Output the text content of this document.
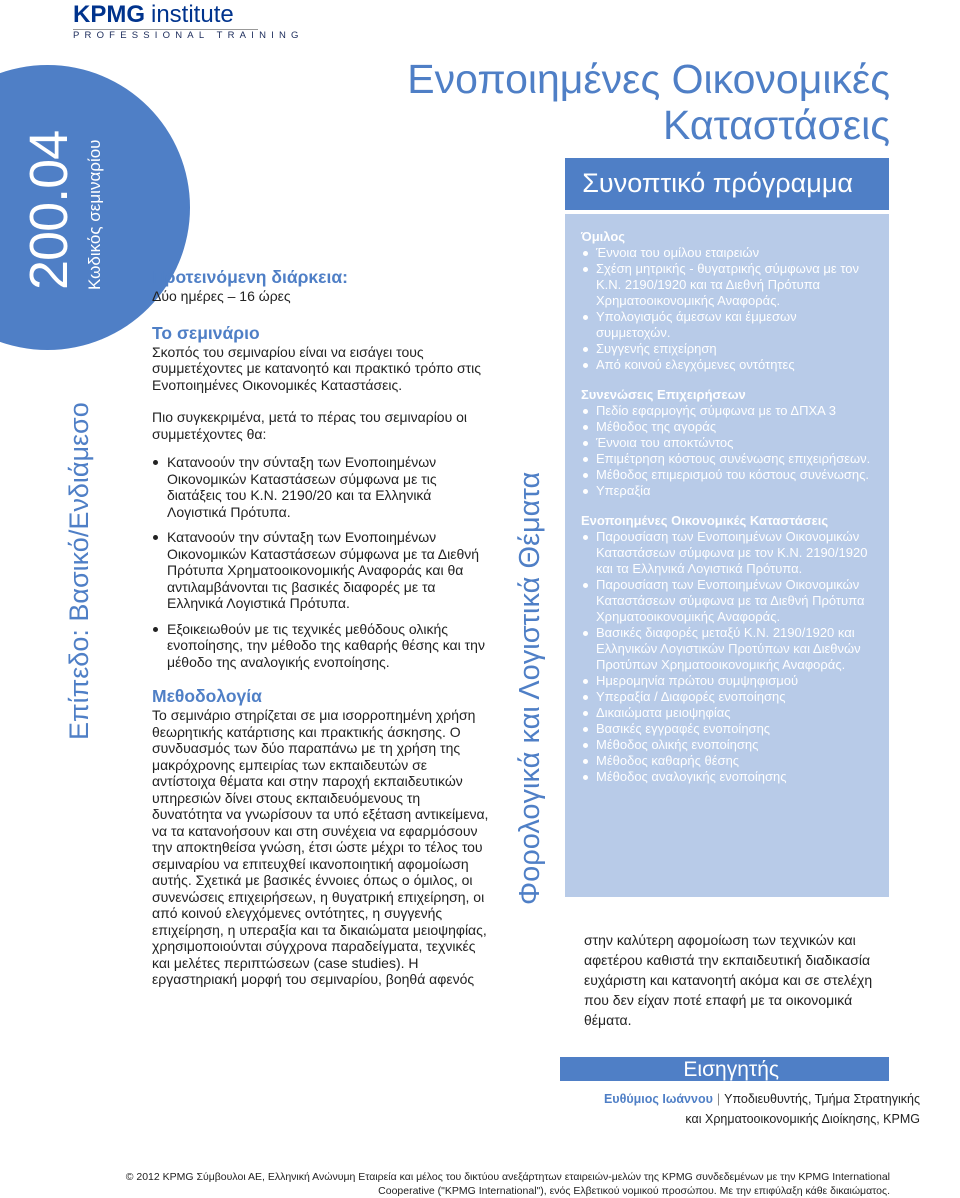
KPMG institute
PROFESSIONAL TRAINING
200.04 Κωδικός σεμιναρίου
Επίπεδο: Βασικό/Ενδιάμεσο	Φορολογικά και Λογιστικά Θέματα
Ενοποιημένες Οικονομικές Καταστάσεις
Προτεινόμενη διάρκεια:

Δύο ημέρες – 16 ώρες

Το σεμινάριο

Σκοπός του σεμιναρίου είναι να εισάγει τους συμμετέχοντες με κατανοητό και πρακτικό τρόπο στις Ενοποιημένες Οικονομικές Καταστάσεις.

Πιο συγκεκριμένα, μετά το πέρας του σεμιναρίου οι συμμετέχοντες θα:

Κατανοούν την σύνταξη των Ενοποιημένων Οικονομικών Καταστάσεων σύμφωνα με τις διατάξεις του Κ.Ν. 2190/20 και τα Ελληνικά Λογιστικά Πρότυπα.
Κατανοούν την σύνταξη των Ενοποιημένων Οικονομικών Καταστάσεων σύμφωνα με τα Διεθνή Πρότυπα Χρηματοοικονομικής Αναφοράς και θα αντιλαμβάνονται τις βασικές διαφορές με τα Ελληνικά Λογιστικά Πρότυπα.
Εξοικειωθούν με τις τεχνικές μεθόδους ολικής ενοποίησης, την μέθοδο της καθαρής θέσης και την μέθοδο της αναλογικής ενοποίησης.
Μεθοδολογία

Το σεμινάριο στηρίζεται σε μια ισορροπημένη χρήση θεωρητικής κατάρτισης και πρακτικής άσκησης. Ο συνδυασμός των δύο παραπάνω με τη χρήση της μακρόχρονης εμπειρίας των εκπαιδευτών σε αντίστοιχα θέματα και στην παροχή εκπαιδευτικών υπηρεσιών δίνει στους εκπαιδευόμενους τη δυνατότητα να γνωρίσουν τα υπό εξέταση αντικείμενα, να τα κατανοήσουν και στη συνέχεια να εφαρμόσουν την αποκτηθείσα γνώση, έτσι ώστε μέχρι το τέλος του σεμιναρίου να επιτευχθεί ικανοποιητική αφομοίωση αυτής. Σχετικά με βασικές έννοιες όπως ο όμιλος, οι συνενώσεις επιχειρήσεων, η θυγατρική επιχείρηση, οι από κοινού ελεγχόμενες οντότητες, η συγγενής επιχείρηση, η υπεραξία και τα δικαιώματα μειοψηφίας, χρησιμοποιούνται σύγχρονα παραδείγματα, τεχνικές και μελέτες περιπτώσεων (case studies). Η εργαστηριακή μορφή του σεμιναρίου, βοηθά αφενός

Συνοπτικό πρόγραμμα
Όμιλος
Έννοια του ομίλου εταιρειών
Σχέση μητρικής - θυγατρικής σύμφωνα με τον Κ.Ν. 2190/1920 και τα Διεθνή Πρότυπα Χρηματοοικονομικής Αναφοράς.
Υπολογισμός άμεσων και έμμεσων συμμετοχών.
Συγγενής επιχείρηση
Από κοινού ελεγχόμενες οντότητες
Συνενώσεις Επιχειρήσεων
Πεδίο εφαρμογής σύμφωνα με το ΔΠΧΑ 3
Μέθοδος της αγοράς
Έννοια του αποκτώντος
Επιμέτρηση κόστους συνένωσης επιχειρήσεων.
Μέθοδος επιμερισμού του κόστους συνένωσης.
Υπεραξία
Ενοποιημένες Οικονομικές Καταστάσεις
Παρουσίαση των Ενοποιημένων Οικονομικών Καταστάσεων σύμφωνα με τον Κ.Ν. 2190/1920 και τα Ελληνικά Λογιστικά Πρότυπα.
Παρουσίαση των Ενοποιημένων Οικονομικών Καταστάσεων σύμφωνα με τα Διεθνή Πρότυπα Χρηματοοικονομικής Αναφοράς.
Βασικές διαφορές μεταξύ Κ.Ν. 2190/1920 και Ελληνικών Λογιστικών Προτύπων και Διεθνών Προτύπων Χρηματοοικονομικής Αναφοράς.
Ημερομηνία πρώτου συμψηφισμού
Υπεραξία / Διαφορές ενοποίησης
Δικαιώματα μειοψηφίας
Βασικές εγγραφές ενοποίησης
Μέθοδος ολικής ενοποίησης
Μέθοδος καθαρής θέσης
Μέθοδος αναλογικής ενοποίησης
στην καλύτερη αφομοίωση των τεχνικών και αφετέρου καθιστά την εκπαιδευτική διαδικασία ευχάριστη και κατανοητή ακόμα και σε στελέχη που δεν είχαν ποτέ επαφή με τα οικονομικά θέματα.
Εισηγητής
Ευθύμιος Ιωάννου | Υποδιευθυντής, Τμήμα Στρατηγικής
και Χρηματοοικονομικής Διοίκησης, KPMG
© 2012 KPMG Σύμβουλοι ΑΕ, Ελληνική Ανώνυμη Εταιρεία και μέλος του δικτύου ανεξάρτητων εταιρειών-μελών της KPMG συνδεδεμένων με την KPMG International
Cooperative ("KPMG International"), ενός Ελβετικού νομικού προσώπου. Με την επιφύλαξη κάθε δικαιώματος.
